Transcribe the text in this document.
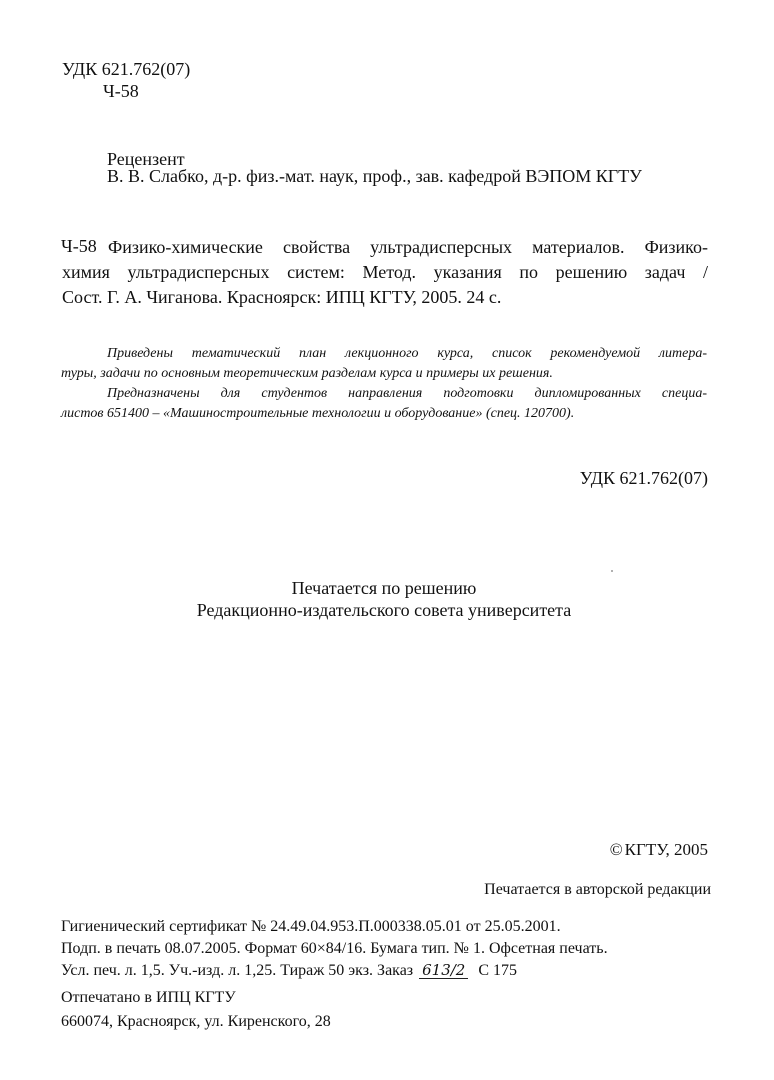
УДК 621.762(07)
Ч-58
Рецензент
В. В. Слабко, д-р. физ.-мат. наук, проф., зав. кафедрой ВЭПОМ КГТУ
Ч-58 Физико-химические свойства ультрадисперсных материалов. Физико-
химия ультрадисперсных систем: Метод. указания по решению задач /
Сост. Г. А. Чиганова. Красноярск: ИПЦ КГТУ, 2005. 24 с.
Приведены тематический план лекционного курса, список рекомендуемой литера-
туры, задачи по основным теоретическим разделам курса и примеры их решения.
Предназначены для студентов направления подготовки дипломированных специа-
листов 651400 – «Машиностроительные технологии и оборудование» (спец. 120700).
УДК 621.762(07)
Печатается по решению
Редакционно-издательского совета университета
© КГТУ, 2005
Печатается в авторской редакции
Гигиенический сертификат № 24.49.04.953.П.000338.05.01 от 25.05.2001.
Подп. в печать 08.07.2005. Формат 60×84/16. Бумага тип. № 1. Офсетная печать.
Усл. печ. л. 1,5. Уч.-изд. л. 1,25. Тираж 50 экз. Заказ 613/2 С 175
Отпечатано в ИПЦ КГТУ
660074, Красноярск, ул. Киренского, 28
